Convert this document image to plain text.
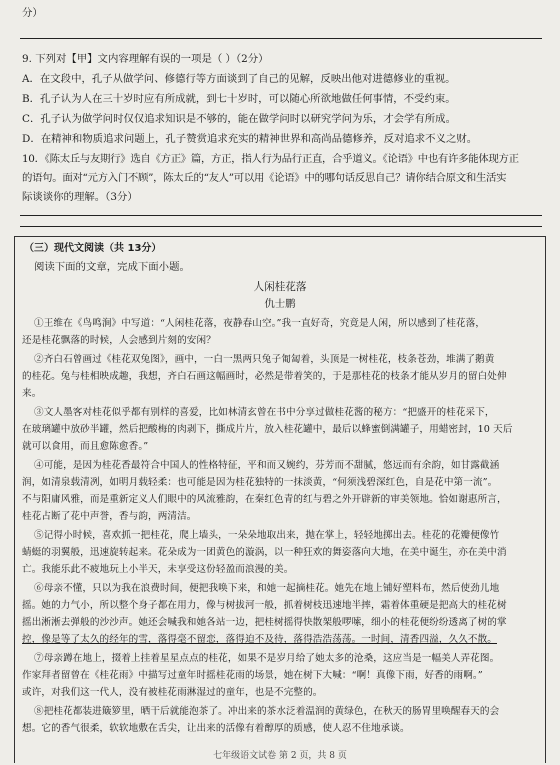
分）
9. 下列对【甲】文内容理解有误的一项是（ ）（2分）
A．在文段中，孔子从做学问、修德行等方面谈到了自己的见解，反映出他对进德修业的重视。
B．孔子认为人在三十岁时应有所成就，到七十岁时，可以随心所欲地做任何事情，不受约束。
C．孔子认为做学问时仅仅追求知识是不够的，能在做学问时以研究学问为乐，才会学有所成。
D．在精神和物质追求问题上，孔子赞赏追求充实的精神世界和高尚品德修养，反对追求不义之财。
10．《陈太丘与友期行》选自《方正》篇，方正，指人行为品行正直，合乎道义。《论语》中也有许多能体现方正
的语句。面对“元方入门不顾”，陈太丘的“友人”可以用《论语》中的哪句话反思自己？请你结合原文和生活实
际谈谈你的理解。（3分）
（三）现代文阅读（共 13分）
阅读下面的文章，完成下面小题。
人闲桂花落
仇士鹏
①王维在《鸟鸣涧》中写道：“人闲桂花落，夜静春山空。”我一直好奇，究竟是人闲，所以感到了桂花落，
还是桂花飘落的时候，人会感到片刻的安闲？
②齐白石曾画过《桂花双兔图》，画中，一白一黑两只兔子匍匐着，头顶是一树桂花，枝条苍劲，堆满了鹅黄
的桂花。兔与桂相映成趣，我想，齐白石画这幅画时，必然是带着笑的，于是那桂花的枝条才能从岁月的留白处伸
来。
③文人墨客对桂花似乎都有别样的喜爱，比如林清玄曾在书中分享过做桂花酱的秘方：“把盛开的桂花采下，
在玻璃罐中放砂半罐，然后把酸梅的肉剥下，撕成片片，放入桂花罐中，最后以蜂蜜倒满罐子，用蜡密封，10 天后
就可以食用，而且愈陈愈香。”
④可能，是因为桂花香最符合中国人的性格特征，平和而又婉约，芬芳而不甜腻，悠远而有余韵，如甘露截涵
润，如清泉载清冽，如明月载轻柔：也可能是因为桂花独特的一抹淡黄，“何须浅碧深红色，自是花中第一流”。
不与阳庸风雅，而是重新定义人们眼中的风流雅韵，在秦红色青的红与碧之外开辟新的审美领地。恰如谢惠所言，
桂花占断了花中声誉，香与韵，两清洁。
⑤记得小时候，喜欢抓一把桂花，爬上墙头，一朵朵地取出来，抛在掌上，轻轻地掷出去。桂花的花瓣便像竹
蜻蜓的羽翼般，迅速旋转起来。花朵成为一团黄色的漩涡，以一种狂欢的舞姿落向大地，在美中诞生，亦在美中消
亡。我能乐此不疲地玩上小半天，未享受这份轻盈而浪漫的美。
⑥母亲不懂，只以为我在浪费时间，便把我唤下来，和她一起摘桂花。她先在地上铺好塑料布，然后使劲儿地
摇。她的力气小，所以整个身子都在用力，像与树拔河一般，抓着树枝迅速地半摔，霜着体重硬是把高大的桂花树
摇出淅淅去弹般的沙沙声。她还会喊我和她各站一边，把桂树摇得快散架般啰嗦，细小的桂花便纷纷透离了树的掌
控，像是等了太久的经年的雪，落得毫不留恋，落得迫不及待，落得浩浩荡荡。一时间，清香四溢，久久不散。
⑦母亲蹲在地上，掇着上挂着星星点点的桂花，如果不是岁月给了她太多的沧桑，这应当是一幅美人弄花图。
作家拜者留曾在《桂花雨》中描写过童年时摇桂花雨的场景，她在树下大喊：“啊！真像下雨，好香的雨啊。”
或许，对我们这一代人，没有被桂花雨淋湿过的童年，也是不完整的。
⑧把桂花都装进簸箩里，晒干后就能泡茶了。冲出来的茶水泛着温润的黄绿色，在秋天的肠胃里唤醒春天的会
想。它的香气很柔，软软地敷在舌尖，让出来的活像有着醇厚的质感，使人忍不住地承谈。
七年级语文试卷 第 2 页，共 8 页
